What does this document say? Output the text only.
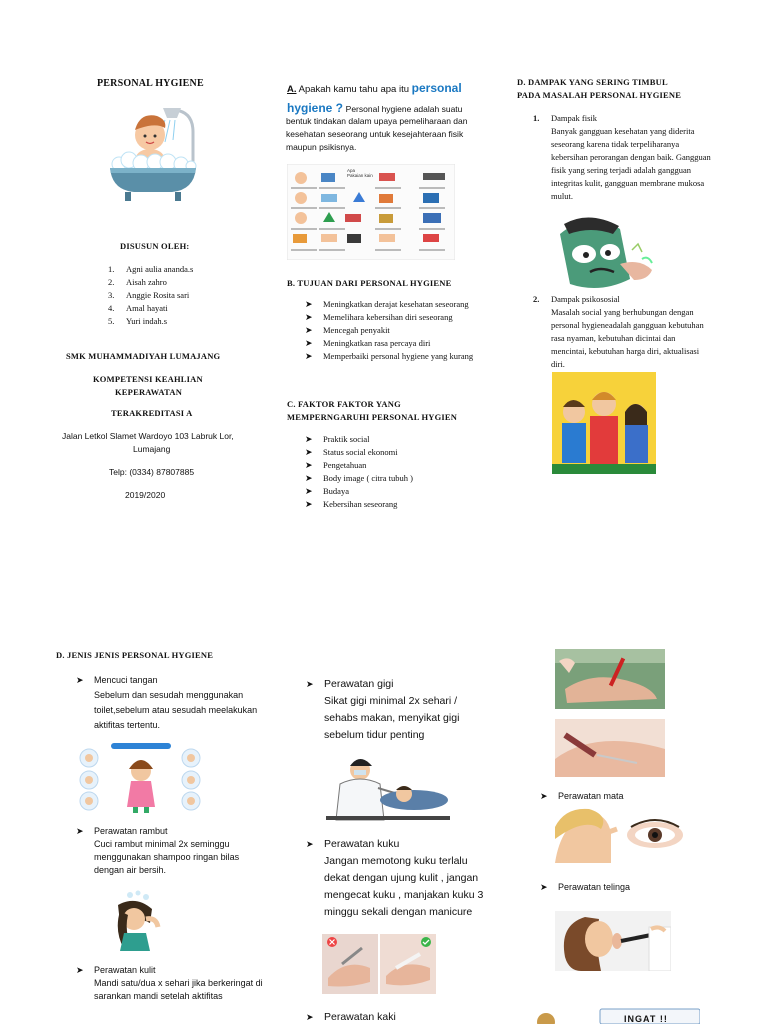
PERSONAL HYGIENE
DISUSUN OLEH:
1.	Agni aulia ananda.s
2.	Aisah zahro
3.	Anggie Rosita sari
4.	Amal hayati
5.	Yuri indah.s
SMK MUHAMMADIYAH LUMAJANG
KOMPETENSI KEAHLIAN
KEPERAWATAN
TERAKREDITASI A
Jalan Letkol Slamet Wardoyo 103 Labruk Lor,
Lumajang
Telp: (0334) 87807885
2019/2020
A. Apakah kamu tahu apa itu personal
hygiene ? Personal hygiene adalah suatu
bentuk tindakan dalam upaya pemeliharaan dan
kesehatan seseorang untuk kesejahteraan fisik
maupun psikisnya.
Apa
Pakaian kain
B. TUJUAN DARI PERSONAL HYGIENE
➤ Meningkatkan derajat kesehatan seseorang
➤ Memelihara kebersihan diri seseorang
➤ Mencegah penyakit
➤ Meningkatkan rasa percaya diri
➤ Memperbaiki personal hygiene yang kurang
C. FAKTOR FAKTOR YANG
MEMPERNGARUHI PERSONAL HYGIEN
➤ Praktik social
➤ Status social ekonomi
➤ Pengetahuan
➤ Body image ( citra tubuh )
➤ Budaya
➤ Kebersihan seseorang
D. DAMPAK YANG SERING TIMBUL
PADA MASALAH PERSONAL HYGIENE
1.	Dampak fisik
Banyak gangguan kesehatan yang diderita seseorang karena tidak terpeliharanya kebersihan perorangan dengan baik. Gangguan fisik yang sering terjadi adalah gangguan integritas kulit, gangguan membrane mukosa mulut.
2.	Dampak psikososial
Masalah social yang berhubungan dengan personal hygieneadalah gangguan kebutuhan rasa nyaman, kebutuhan dicintai dan mencintai, kebutuhan harga diri, aktualisasi diri.
D. JENIS JENIS PERSONAL HYGIENE
➤ Mencuci tangan
Sebelum dan sesudah menggunakan toilet,sebelum atau sesudah meelakukan aktifitas tertentu.
➤ Perawatan rambut
Cuci rambut minimal 2x seminggu menggunakan shampoo ringan bilas dengan air bersih.
➤ Perawatan kulit
Mandi satu/dua x sehari jika berkeringat di sarankan mandi setelah aktifitas
➤ Perawatan gigi
Sikat gigi minimal 2x sehari / sehabs makan, menyikat gigi sebelum tidur penting
➤ Perawatan kuku
Jangan memotong kuku terlalu dekat dengan ujung kulit , jangan mengecat kuku , manjakan kuku 3 minggu sekali dengan manicure
➤ Perawatan kaki
➤ Perawatan mata
➤ Perawatan telinga
INGAT !!
